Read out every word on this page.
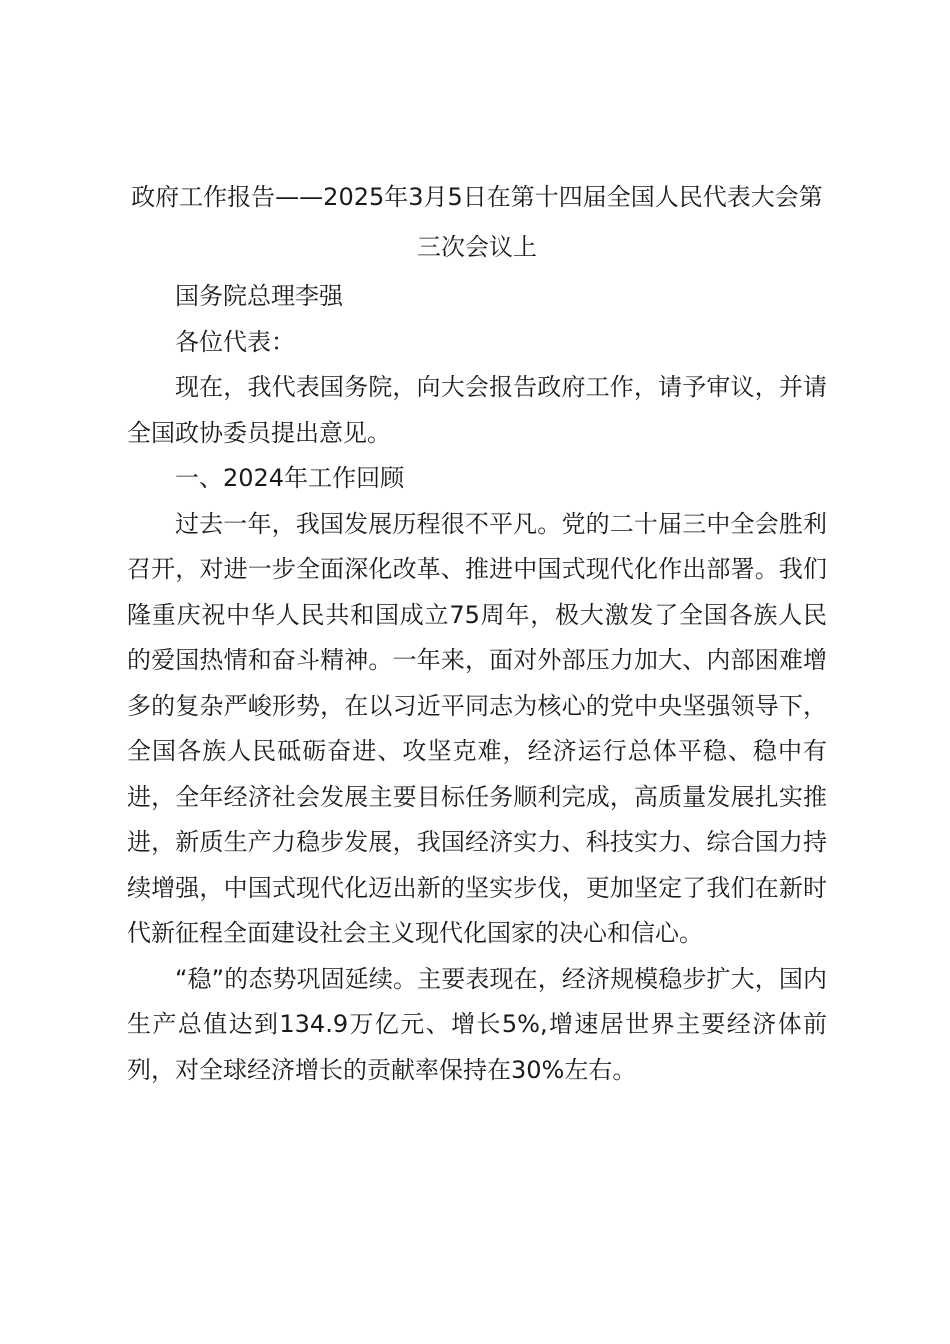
政府工作报告——2025年3月5日在第十四届全国人民代表大会第三次会议上

国务院总理李强

各位代表：

现在，我代表国务院，向大会报告政府工作，请予审议，并请全国政协委员提出意见。

一、2024年工作回顾

过去一年，我国发展历程很不平凡。党的二十届三中全会胜利召开，对进一步全面深化改革、推进中国式现代化作出部署。我们隆重庆祝中华人民共和国成立75周年，极大激发了全国各族人民的爱国热情和奋斗精神。一年来，面对外部压力加大、内部困难增多的复杂严峻形势，在以习近平同志为核心的党中央坚强领导下，全国各族人民砥砺奋进、攻坚克难，经济运行总体平稳、稳中有进，全年经济社会发展主要目标任务顺利完成，高质量发展扎实推进，新质生产力稳步发展，我国经济实力、科技实力、综合国力持续增强，中国式现代化迈出新的坚实步伐，更加坚定了我们在新时代新征程全面建设社会主义现代化国家的决心和信心。

“稳”的态势巩固延续。主要表现在，经济规模稳步扩大，国内生产总值达到134.9万亿元、增长5%,增速居世界主要经济体前列，对全球经济增长的贡献率保持在30%左右。
